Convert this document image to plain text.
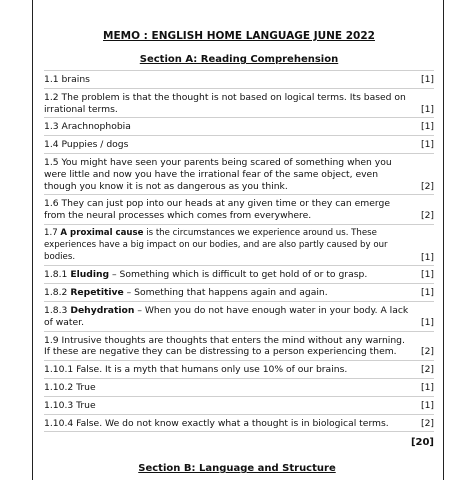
MEMO : ENGLISH HOME LANGUAGE JUNE 2022
Section A: Reading Comprehension
1.1 brains	[1]
1.2 The problem is that the thought is not based on logical terms. Its based on irrational terms.	[1]
1.3 Arachnophobia	[1]
1.4 Puppies / dogs	[1]
1.5 You might have seen your parents being scared of something when you were little and now you have the irrational fear of the same object, even though you know it is not as dangerous as you think.	[2]
1.6 They can just pop into our heads at any given time or they can emerge from the neural processes which comes from everywhere.	[2]
1.7 A proximal cause is the circumstances we experience around us. These experiences have a big impact on our bodies, and are also partly caused by our bodies.	[1]
1.8.1 Eluding – Something which is difficult to get hold of or to grasp.	[1]
1.8.2 Repetitive – Something that happens again and again.	[1]
1.8.3 Dehydration – When you do not have enough water in your body. A lack of water.	[1]
1.9 Intrusive thoughts are thoughts that enters the mind without any warning. If these are negative they can be distressing to a person experiencing them.	[2]
1.10.1 False. It is a myth that humans only use 10% of our brains.	[2]
1.10.2 True	[1]
1.10.3 True	[1]
1.10.4 False. We do not know exactly what a thought is in biological terms.	[2]
[20]
Section B: Language and Structure
